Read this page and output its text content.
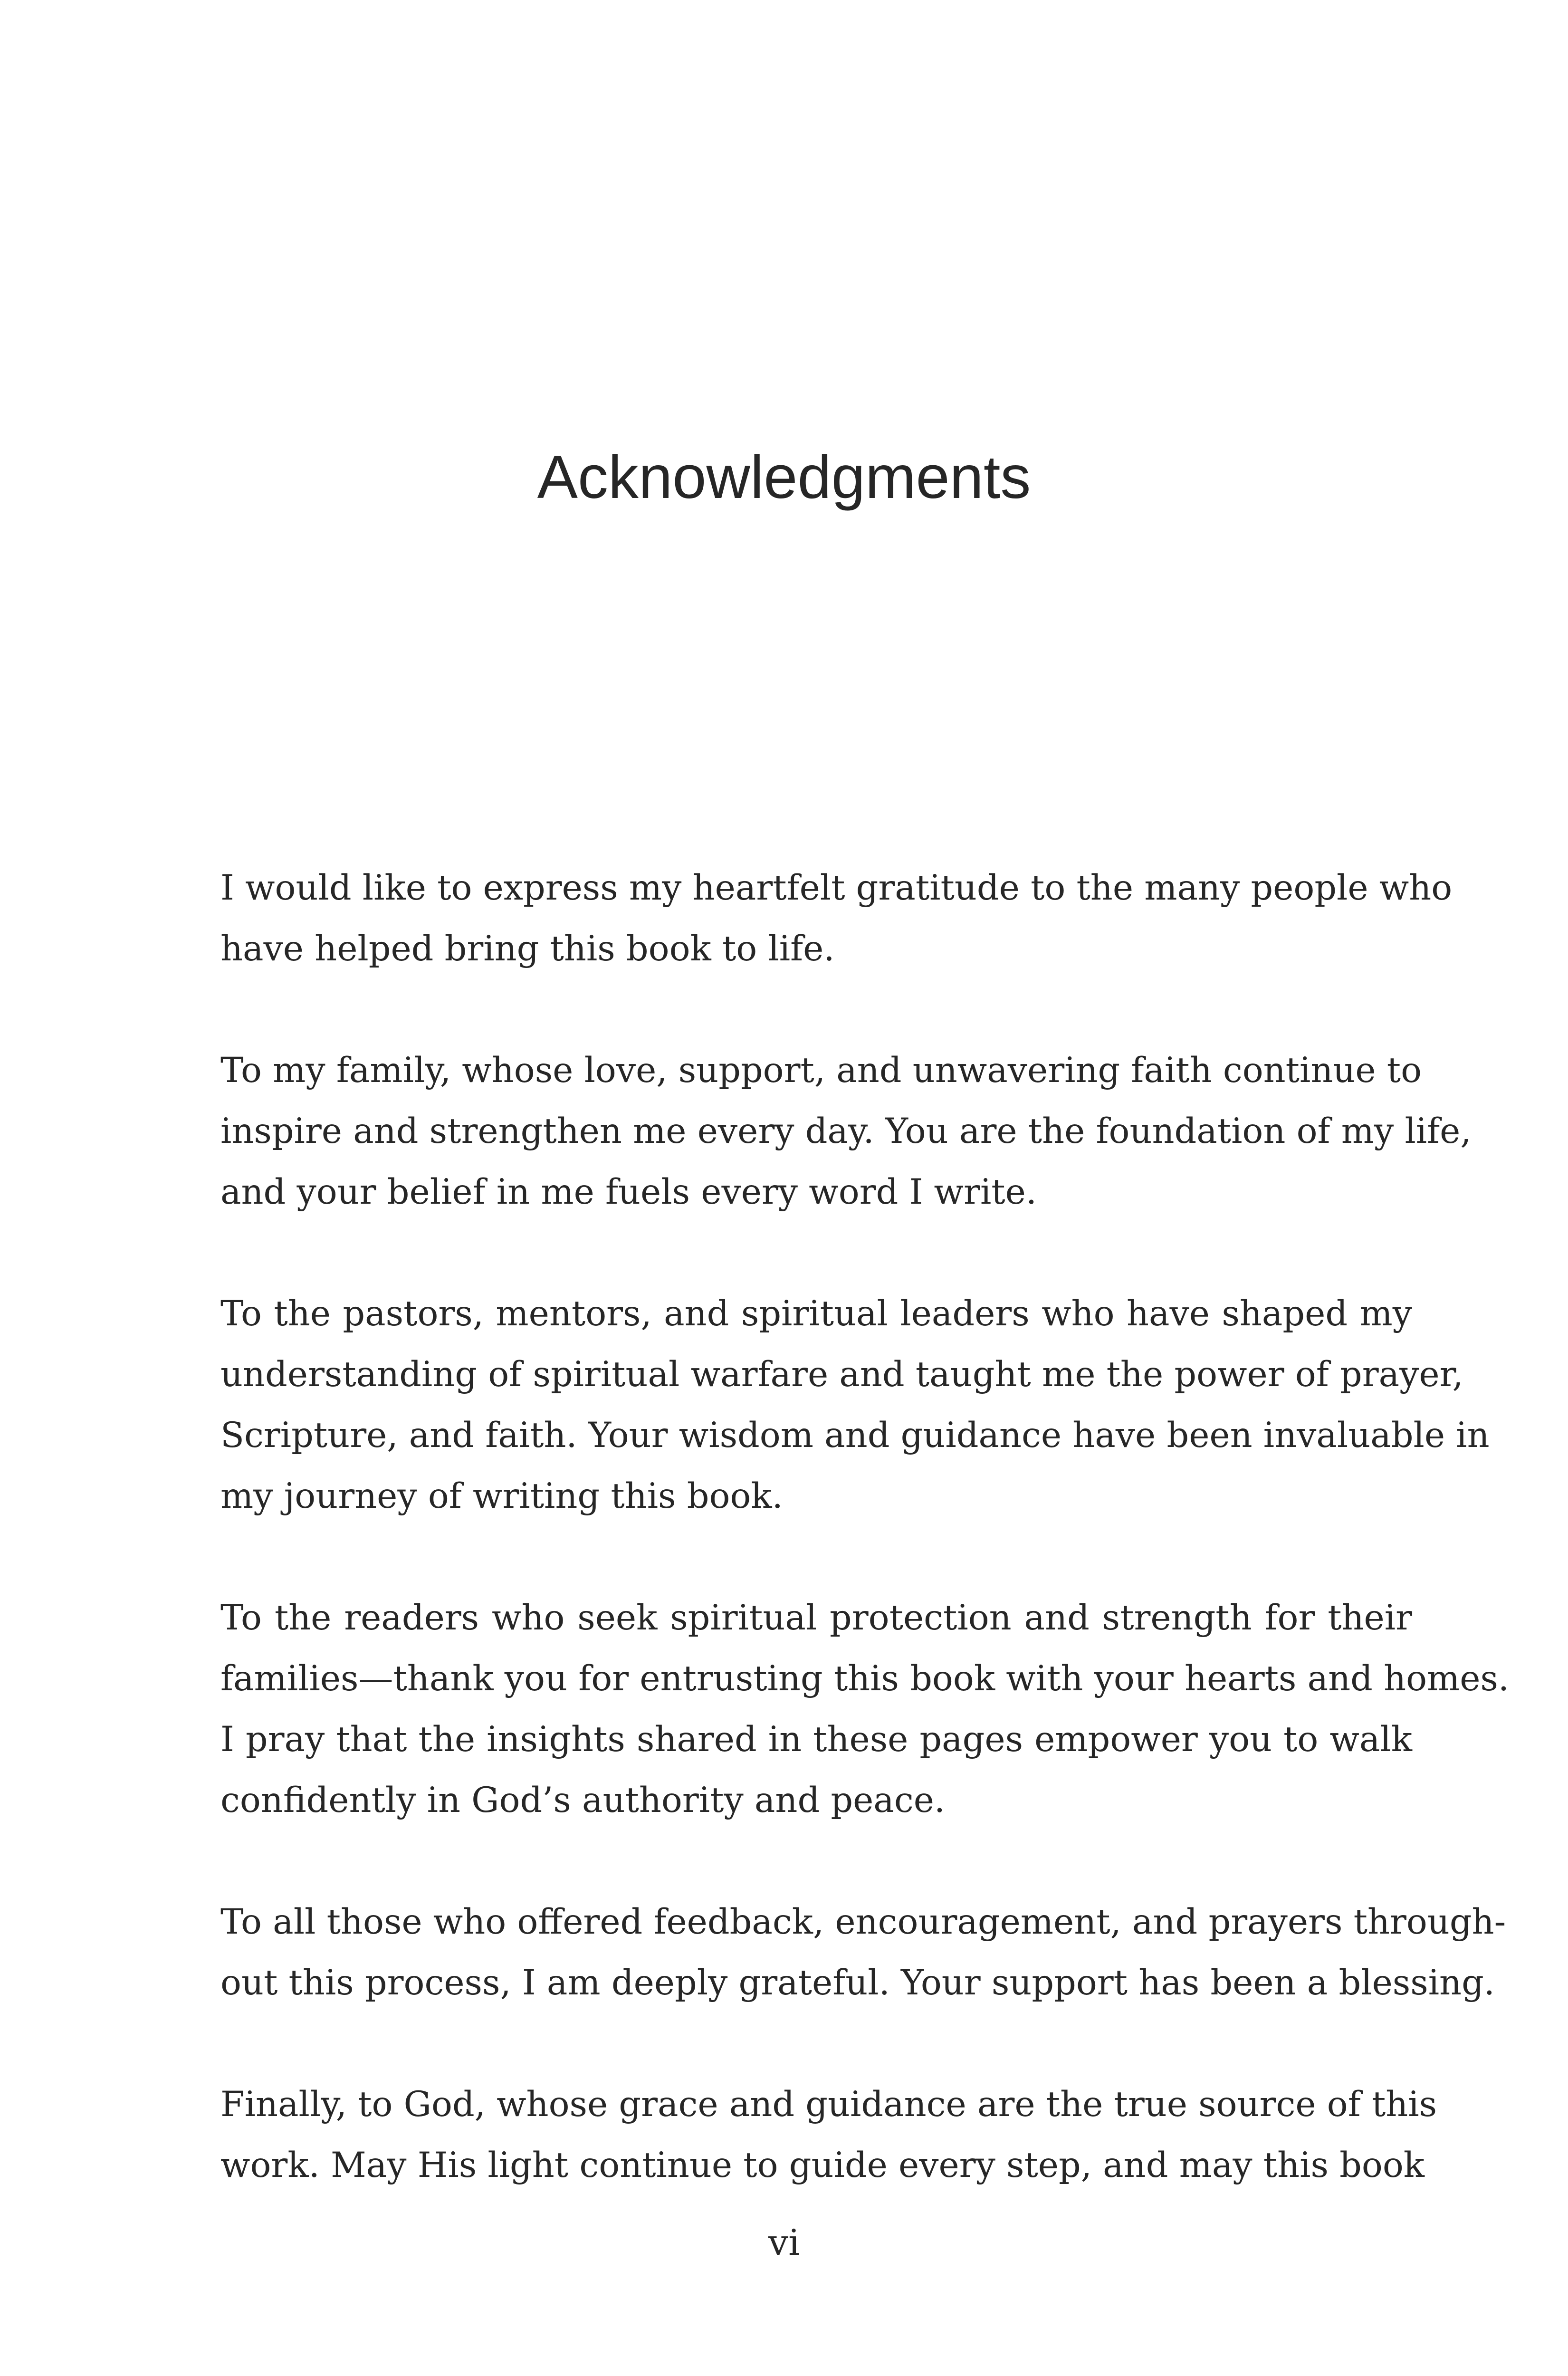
Acknowledgments

I would like to express my heartfelt gratitude to the many people who
have helped bring this book to life.

To my family, whose love, support, and unwavering faith continue to
inspire and strengthen me every day. You are the foundation of my life,
and your belief in me fuels every word I write.

To the pastors, mentors, and spiritual leaders who have shaped my
understanding of spiritual warfare and taught me the power of prayer,
Scripture, and faith. Your wisdom and guidance have been invaluable in
my journey of writing this book.

To the readers who seek spiritual protection and strength for their
families—thank you for entrusting this book with your hearts and homes.
I pray that the insights shared in these pages empower you to walk
confidently in God’s authority and peace.

To all those who offered feedback, encouragement, and prayers through-
out this process, I am deeply grateful. Your support has been a blessing.

Finally, to God, whose grace and guidance are the true source of this
work. May His light continue to guide every step, and may this book

vi
